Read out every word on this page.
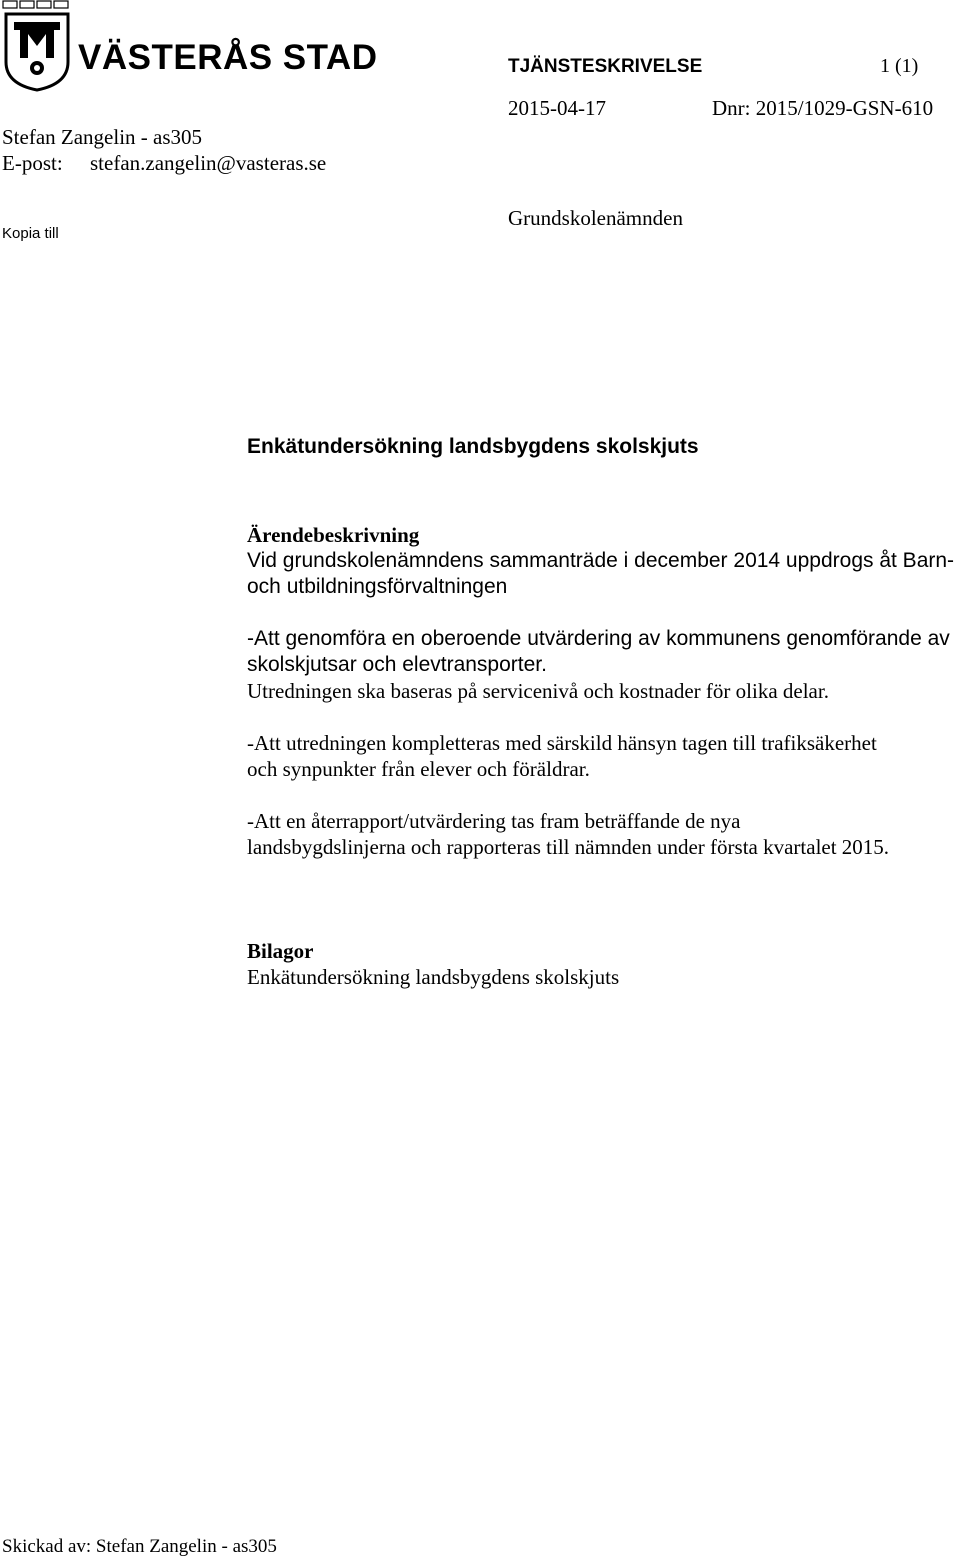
VÄSTERÅS STAD	TJÄNSTESKRIVELSE	1 (1)
2015-04-17	Dnr: 2015/1029-GSN-610
Stefan Zangelin - as305
E-post: stefan.zangelin@vasteras.se
Kopia till
Grundskolenämnden
Enkätundersökning landsbygdens skolskjuts

Ärendebeskrivning

Vid grundskolenämndens sammanträde i december 2014 uppdrogs åt Barn-

och utbildningsförvaltningen

-Att genomföra en oberoende utvärdering av kommunens genomförande av

skolskjutsar och elevtransporter.

Utredningen ska baseras på servicenivå och kostnader för olika delar.

-Att utredningen kompletteras med särskild hänsyn tagen till trafiksäkerhet

och synpunkter från elever och föräldrar.

-Att en återrapport/utvärdering tas fram beträffande de nya

landsbygdslinjerna och rapporteras till nämnden under första kvartalet 2015.

Bilagor

Enkätundersökning landsbygdens skolskjuts

Skickad av: Stefan Zangelin - as305
